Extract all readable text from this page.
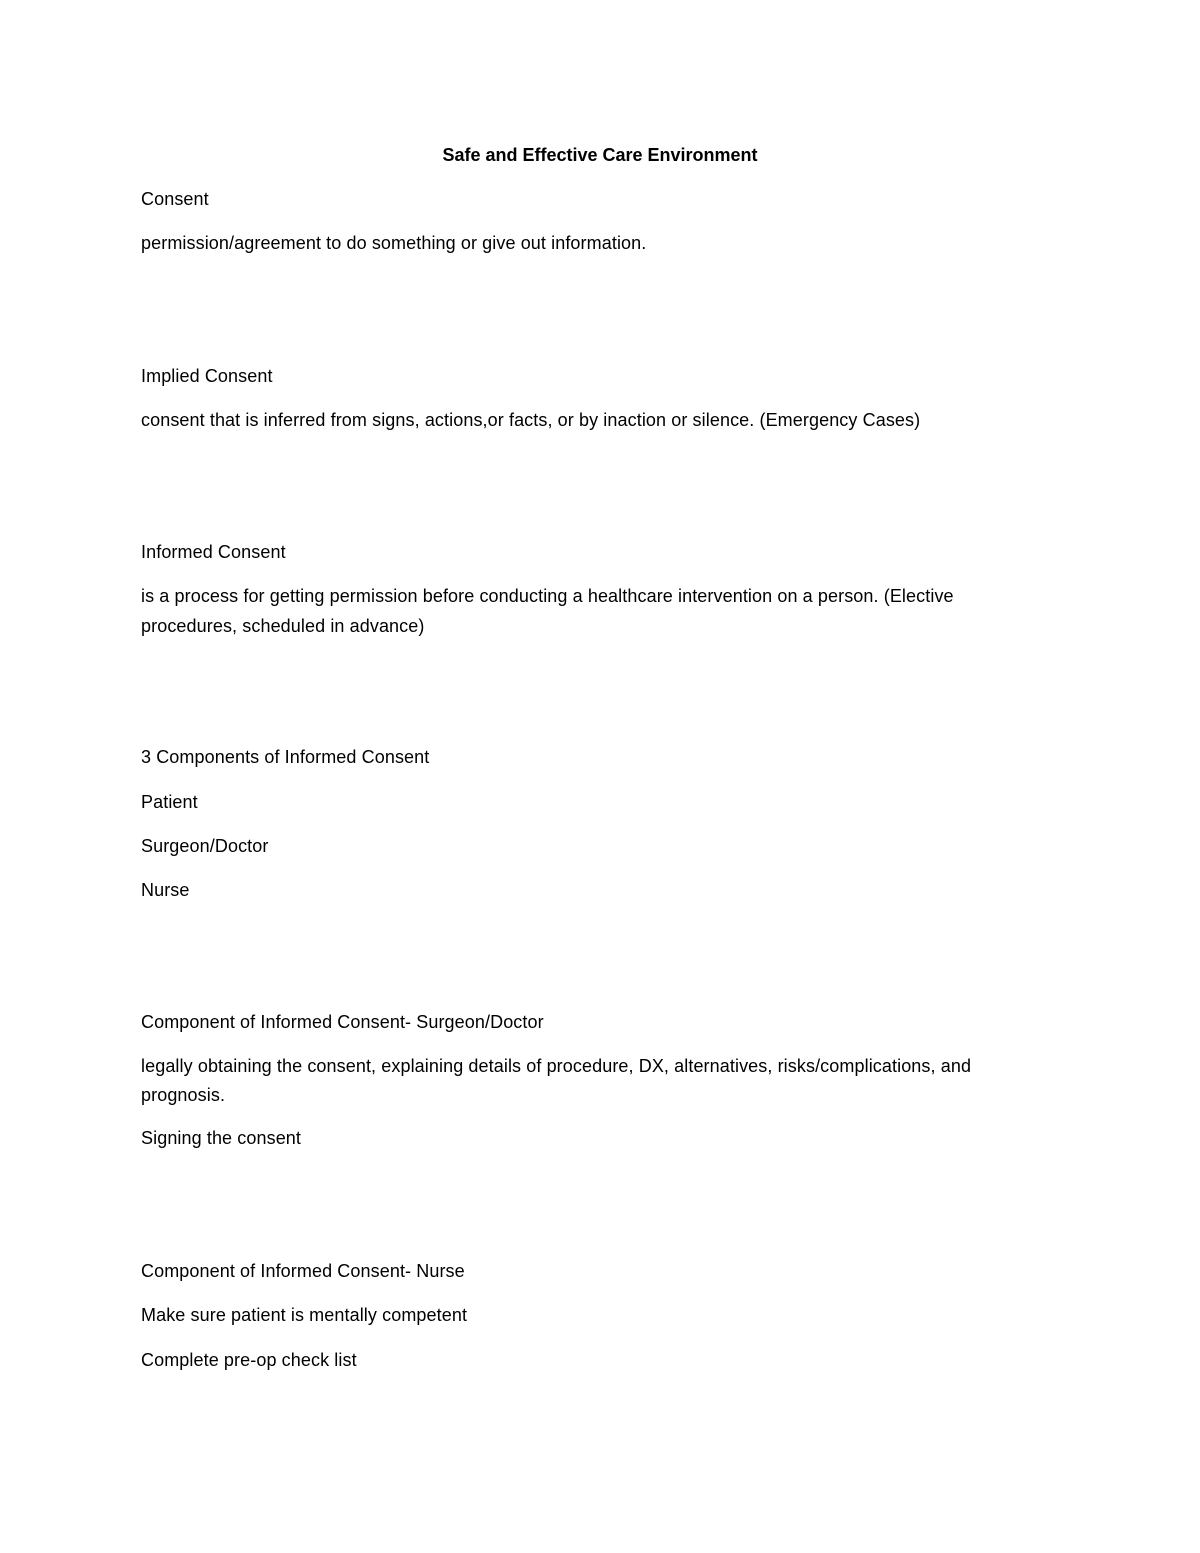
Safe and Effective Care Environment

Consent

permission/agreement to do something or give out information.

Implied Consent

consent that is inferred from signs, actions,or facts, or by inaction or silence. (Emergency Cases)

Informed Consent

is a process for getting permission before conducting a healthcare intervention on a person. (Elective

procedures, scheduled in advance)

3 Components of Informed Consent

Patient

Surgeon/Doctor

Nurse

Component of Informed Consent- Surgeon/Doctor

legally obtaining the consent, explaining details of procedure, DX, alternatives, risks/complications, and

prognosis.

Signing the consent

Component of Informed Consent- Nurse

Make sure patient is mentally competent

Complete pre-op check list
